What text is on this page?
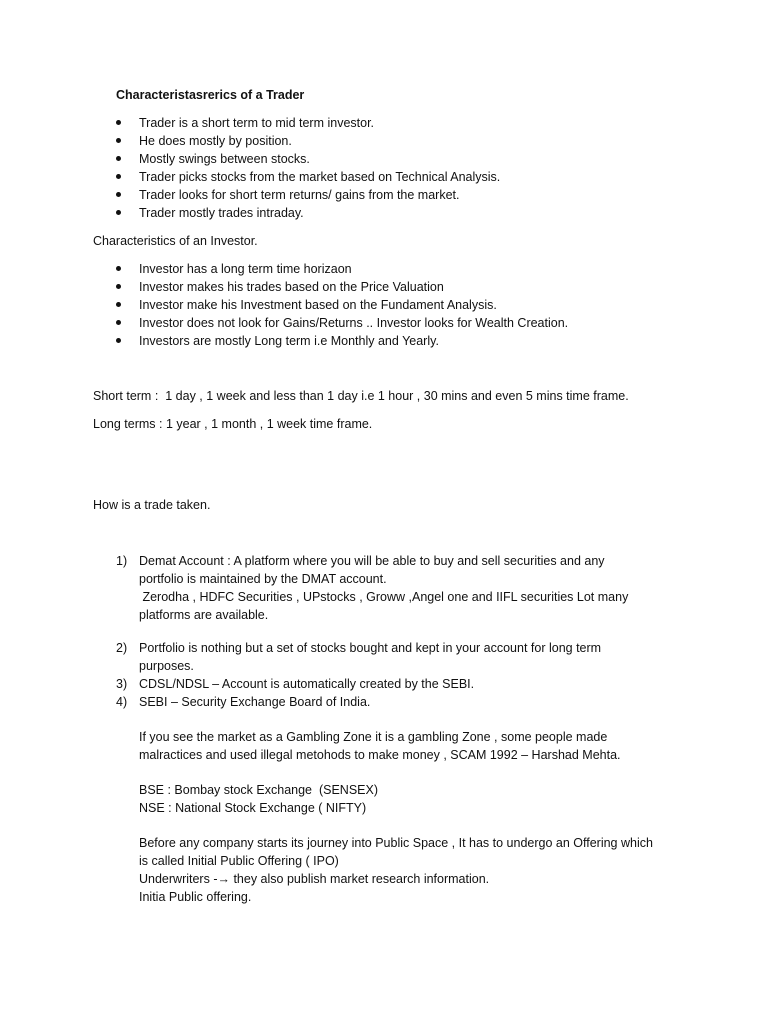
Characteristasrerics of a Trader
Trader is a short term to mid term investor.
He does mostly by position.
Mostly swings between stocks.
Trader picks stocks from the market based on Technical Analysis.
Trader looks for short term returns/ gains from the market.
Trader mostly trades intraday.
Characteristics of an Investor.
Investor has a long term time horizaon
Investor makes his trades based on the Price Valuation
Investor make his Investment based on the Fundament Analysis.
Investor does not look for Gains/Returns .. Investor looks for Wealth Creation.
Investors are mostly Long term i.e Monthly and Yearly.
Short term :  1 day , 1 week and less than 1 day i.e 1 hour , 30 mins and even 5 mins time frame.
Long terms : 1 year , 1 month , 1 week time frame.
How is a trade taken.
1) Demat Account : A platform where you will be able to buy and sell securities and any

portfolio is maintained by the DMAT account.

Zerodha , HDFC Securities , UPstocks , Groww ,Angel one and IIFL securities Lot many

platforms are available.

2) Portfolio is nothing but a set of stocks bought and kept in your account for long term

purposes.

3) CDSL/NDSL – Account is automatically created by the SEBI.

4) SEBI – Security Exchange Board of India.

If you see the market as a Gambling Zone it is a gambling Zone , some people made
malractices and used illegal metohods to make money , SCAM 1992 – Harshad Mehta.
BSE : Bombay stock Exchange  (SENSEX)
NSE : National Stock Exchange ( NIFTY)
Before any company starts its journey into Public Space , It has to undergo an Offering which
is called Initial Public Offering ( IPO)
Underwriters -→ they also publish market research information.
Initia Public offering.
